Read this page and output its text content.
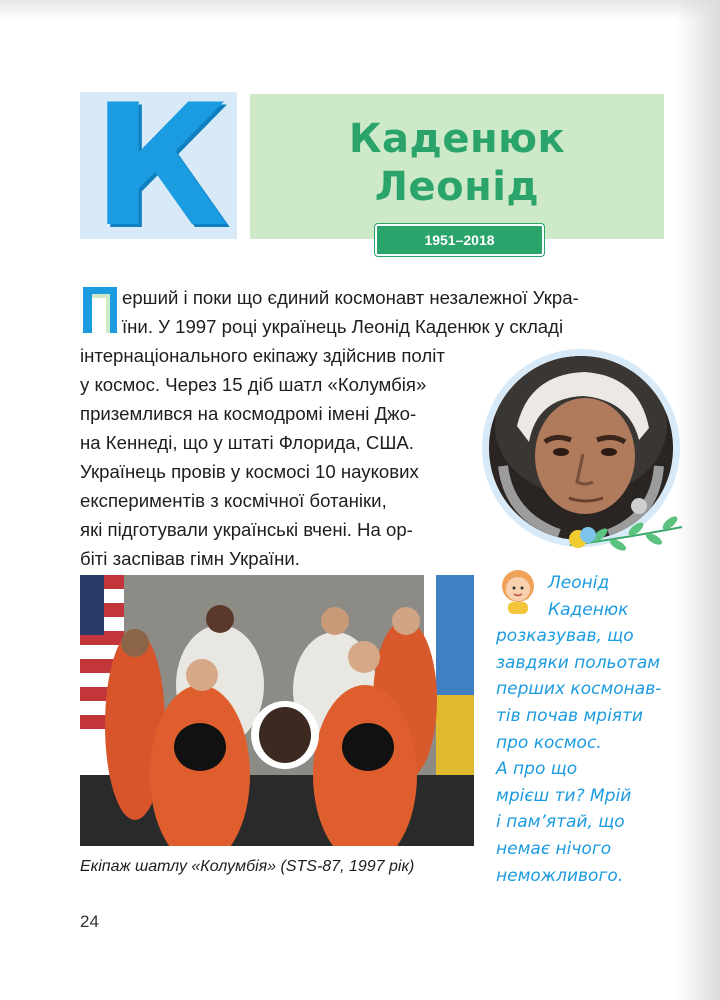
К	Каденюк
Леонід
1951–2018
П
ерший і поки що єдиний космонавт незалежної Укра-
їни. У 1997 році українець Леонід Каденюк у складі
інтернаціонального екіпажу здійснив політ
у космос. Через 15 діб шатл «Колумбія»
приземлився на космодромі імені Джо-
на Кеннеді, що у штаті Флорида, США.
Українець провів у космосі 10 наукових
експериментів з космічної ботаніки,
які підготували українські вчені. На ор-
біті заспівав гімн України.
Екіпаж шатлу «Колумбія» (STS-87, 1997 рік)
Леонід
Каденюк
розказував, що
завдяки польотам
перших космонав-
тів почав мріяти
про космос.
А про що
мрієш ти? Мрій
і пам’ятай, що
немає нічого
неможливого.
24
